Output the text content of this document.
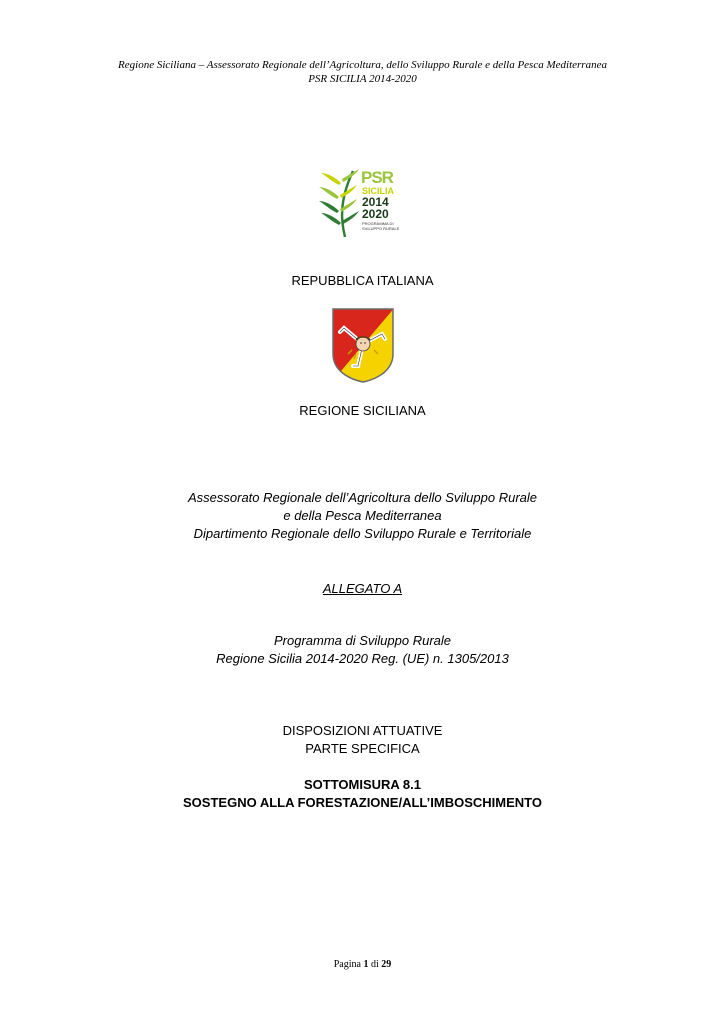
Regione Siciliana – Assessorato Regionale dell’Agricoltura, dello Sviluppo Rurale e della Pesca Mediterranea
PSR SICILIA 2014-2020
PSR
SICILIA
2014
2020
PROGRAMMA DI
SVILUPPO RURALE
REPUBBLICA ITALIANA
REGIONE SICILIANA
Assessorato Regionale dell’Agricoltura dello Sviluppo Rurale
e della Pesca Mediterranea
Dipartimento Regionale dello Sviluppo Rurale e Territoriale
ALLEGATO A
Programma di Sviluppo Rurale
Regione Sicilia 2014-2020 Reg. (UE) n. 1305/2013
DISPOSIZIONI ATTUATIVE
PARTE SPECIFICA
SOTTOMISURA 8.1
SOSTEGNO ALLA FORESTAZIONE/ALL’IMBOSCHIMENTO
Pagina 1 di 29
